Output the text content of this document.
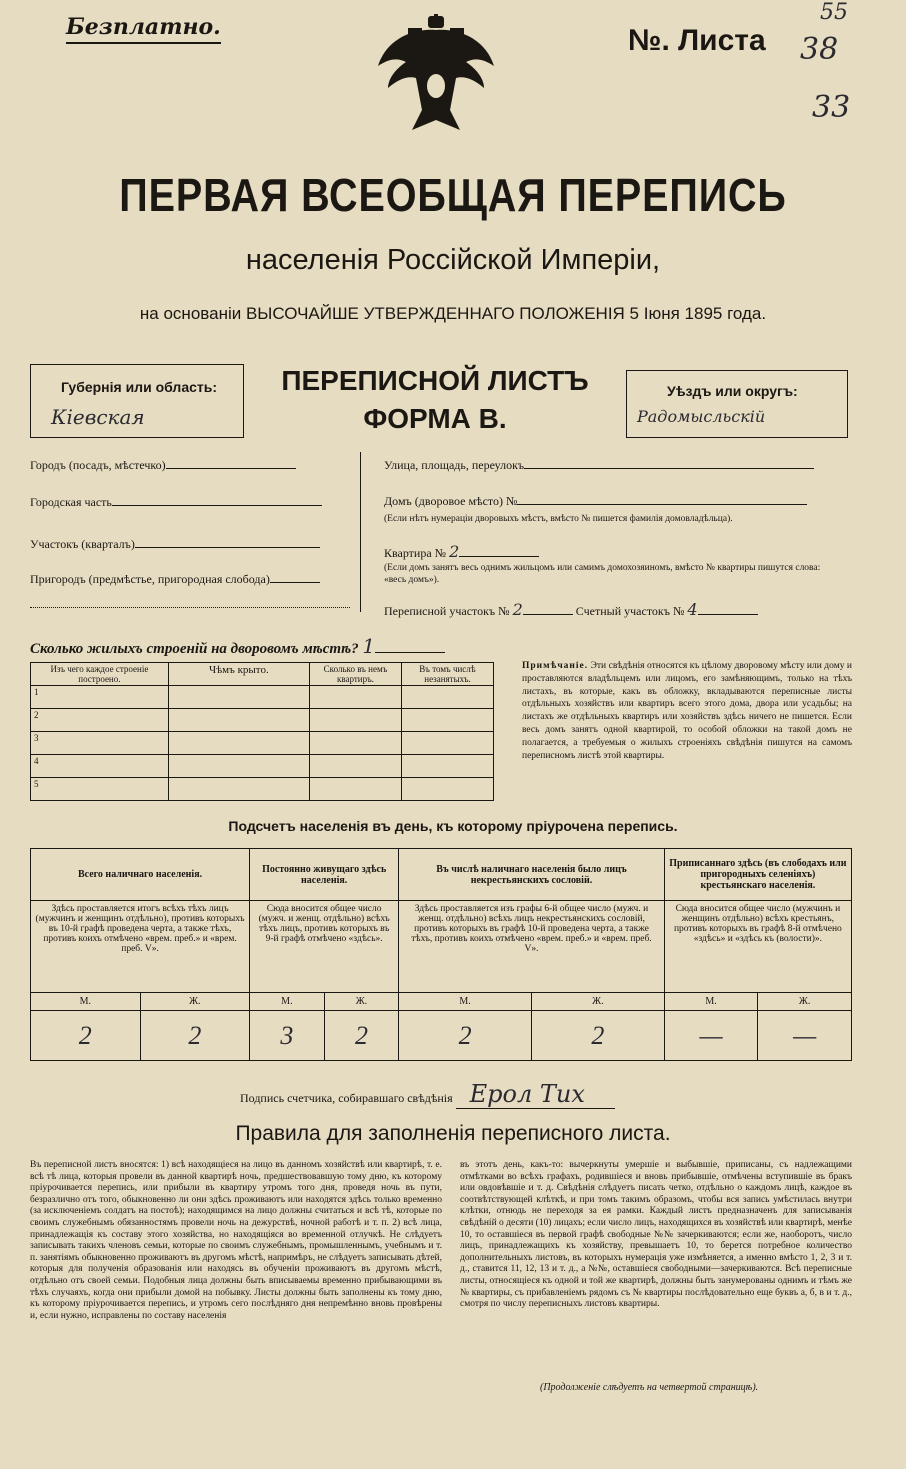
Безплатно.	№. Листа
55
38
33
ПЕРВАЯ ВСЕОБЩАЯ ПЕРЕПИСЬ
населенія Россійской Имперіи,
на основаніи ВЫСОЧАЙШЕ УТВЕРЖДЕННАГО ПОЛОЖЕНІЯ 5 Іюня 1895 года.
Губернія или область:
Кіевская
ПЕРЕПИСНОЙ ЛИСТЪ
ФОРМА В.
Уѣздъ или округъ:
Радомысльскій
Городъ (посадъ, мѣстечко)
Городская часть
Участокъ (кварталъ)
Пригородъ (предмѣстье, пригородная слобода)
Улица, площадь, переулокъ
Домъ (дворовое мѣсто) №
(Если нѣтъ нумераціи дворовыхъ мѣстъ, вмѣсто № пишется фамилія домовладѣльца).
Квартира № 2
(Если домъ занятъ весь однимъ жильцомъ или самимъ домохозяиномъ, вмѣсто № квартиры пишутся слова: «весь домъ»).
Переписной участокъ № 2	Счетный участокъ № 4
Сколько жилыхъ строеній на дворовомъ мѣстѣ? 1
Изъ чего каждое строеніе построено.	Чѣмъ крыто.	Сколько въ немъ квартиръ.	Въ томъ числѣ незанятыхъ.
1			
2			
3			
4			
5			
Примѣчаніе. Эти свѣдѣнія относятся къ цѣлому дворовому мѣсту или дому и проставляются владѣльцемъ или лицомъ, его замѣняющимъ, только на тѣхъ листахъ, въ которые, какъ въ обложку, вкладываются переписные листы отдѣльныхъ хозяйствъ или квартиръ всего этого дома, двора или усадьбы; на листахъ же отдѣльныхъ квартиръ или хозяйствъ здѣсь ничего не пишется. Если весь домъ занятъ одной квартирой, то особой обложки на такой домъ не полагается, а требуемыя о жилыхъ строеніяхъ свѣдѣнія пишутся на самомъ переписномъ листѣ этой квартиры.
Подсчетъ населенія въ день, къ которому пріурочена перепись.
Всего наличнаго населенія.		Постоянно живущаго здѣсь населенія.		Въ числѣ наличнаго населенія было лицъ некрестьянскихъ сословій.		Приписаннаго здѣсь (въ слободахъ или пригородныхъ селеніяхъ) крестьянскаго населенія.	
Здѣсь проставляется итогъ всѣхъ тѣхъ лицъ (мужчинъ и женщинъ отдѣльно), противъ которыхъ въ 10-й графѣ проведена черта, а также тѣхъ, противъ коихъ отмѣчено «врем. преб.» и «врем. преб. V».		Сюда вносится общее число (мужч. и женщ. отдѣльно) всѣхъ тѣхъ лицъ, противъ которыхъ въ 9-й графѣ отмѣчено «здѣсь».		Здѣсь проставляется изъ графы 6-й общее число (мужч. и женщ. отдѣльно) всѣхъ лицъ некрестьянскихъ сословій, противъ которыхъ въ графѣ 10-й проведена черта, а также тѣхъ, противъ коихъ отмѣчено «врем. преб.» и «врем. преб. V».		Сюда вносится общее число (мужчинъ и женщинъ отдѣльно) всѣхъ крестьянъ, противъ которыхъ въ графѣ 8-й отмѣчено «здѣсь» и «здѣсь къ (волости)».	
М.	Ж.	М.	Ж.	М.	Ж.	М.	Ж.
2	2	3	2	2	2	—	—
Подпись счетчика, собиравшаго свѣдѣнія Ерол Тих
Правила для заполненія переписного листа.
Въ переписной листъ вносятся: 1) всѣ находящіеся на лицо въ данномъ хозяйствѣ или квартирѣ, т. е. всѣ тѣ лица, которыя провели въ данной квартирѣ ночь, предшествовавшую тому дню, къ которому пріурочивается перепись, или прибыли въ квартиру утромъ того дня, проведя ночь въ пути, безразлично отъ того, обыкновенно ли они здѣсь проживаютъ или находятся здѣсь только временно (за исключеніемъ солдатъ на постоѣ); находящимся на лицо должны считаться и всѣ тѣ, которые по своимъ служебнымъ обязанностямъ провели ночь на дежурствѣ, ночной работѣ и т. п. 2) всѣ лица, принадлежащія къ составу этого хозяйства, но находящіяся во временной отлучкѣ. Не слѣдуетъ записывать такихъ членовъ семьи, которые по своимъ служебнымъ, промышленнымъ, учебнымъ и т. п. занятіямъ обыкновенно проживаютъ въ другомъ мѣстѣ, напримѣръ, не слѣдуетъ записывать дѣтей, которыя для полученія образованія или находясь въ обученіи проживаютъ въ другомъ мѣстѣ, отдѣльно отъ своей семьи. Подобныя лица должны быть вписываемы временно прибывающими въ тѣхъ случаяхъ, когда они прибыли домой на побывку. Листы должны быть заполнены къ тому дню, къ которому пріурочивается перепись, и утромъ сего послѣдняго дня непремѣнно вновь провѣрены и, если нужно, исправлены по составу населенія
въ этотъ день, какъ-то: вычеркнуты умершіе и выбывшіе, приписаны, съ надлежащими отмѣтками во всѣхъ графахъ, родившіеся и вновь прибывшіе, отмѣчены вступившіе въ бракъ или овдовѣвшіе и т. д. Свѣдѣнія слѣдуетъ писать четко, отдѣльно о каждомъ лицѣ, каждое въ соотвѣтствующей клѣткѣ, и при томъ такимъ образомъ, чтобы вся запись умѣстилась внутри клѣтки, отнюдь не переходя за ея рамки. Каждый листъ предназначенъ для записыванія свѣдѣній о десяти (10) лицахъ; если число лицъ, находящихся въ хозяйствѣ или квартирѣ, менѣе 10, то оставшіеся въ первой графѣ свободные №№ зачеркиваются; если же, наоборотъ, число лицъ, принадлежащихъ къ хозяйству, превышаетъ 10, то берется потребное количество дополнительныхъ листовъ, въ которыхъ нумерація уже измѣняется, а именно вмѣсто 1, 2, 3 и т. д., ставится 11, 12, 13 и т. д., а №№, оставшіеся свободными—зачеркиваются. Всѣ переписные листы, относящіеся къ одной и той же квартирѣ, должны быть занумерованы однимъ и тѣмъ же № квартиры, съ прибавленіемъ рядомъ съ № квартиры послѣдовательно еще буквъ а, б, в и т. д., смотря по числу переписныхъ листовъ квартиры.
(Продолженіе слѣдуетъ на четвертой страницѣ).
